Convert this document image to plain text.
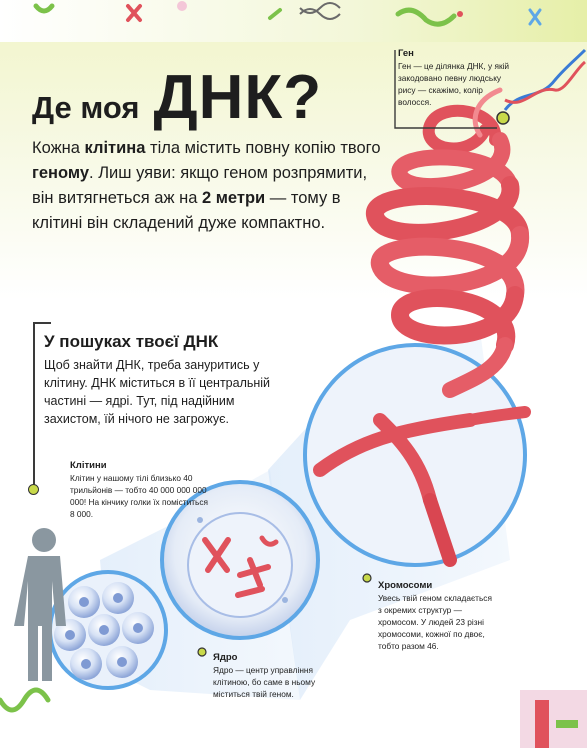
Де моя ДНК?

Кожна клітина тіла містить повну копію твого геному. Лиш уяви: якщо геном розпрямити, він витягнеться аж на 2 метри — тому в клітині він складений дуже компактно.

У пошуках твоєї ДНК

Щоб знайти ДНК, треба зануритись у клітину. ДНК міститься в її центральній частині — ядрі. Тут, під надійним захистом, їй нічого не загрожує.

Ген
Ген — це ділянка ДНК, у якій закодовано певну людську рису — скажімо, колір волосся.

Клітини
Клітин у нашому тілі близько 40 трильйонів — тобто 40 000 000 000 000! На кінчику голки їх поміститься 8 000.

Ядро
Ядро — центр управління клітиною, бо саме в ньому міститься твій геном.

Хромосоми
Увесь твій геном складається з окремих структур — хромосом. У людей 23 різні хромосоми, кожної по двоє, тобто разом 46.
